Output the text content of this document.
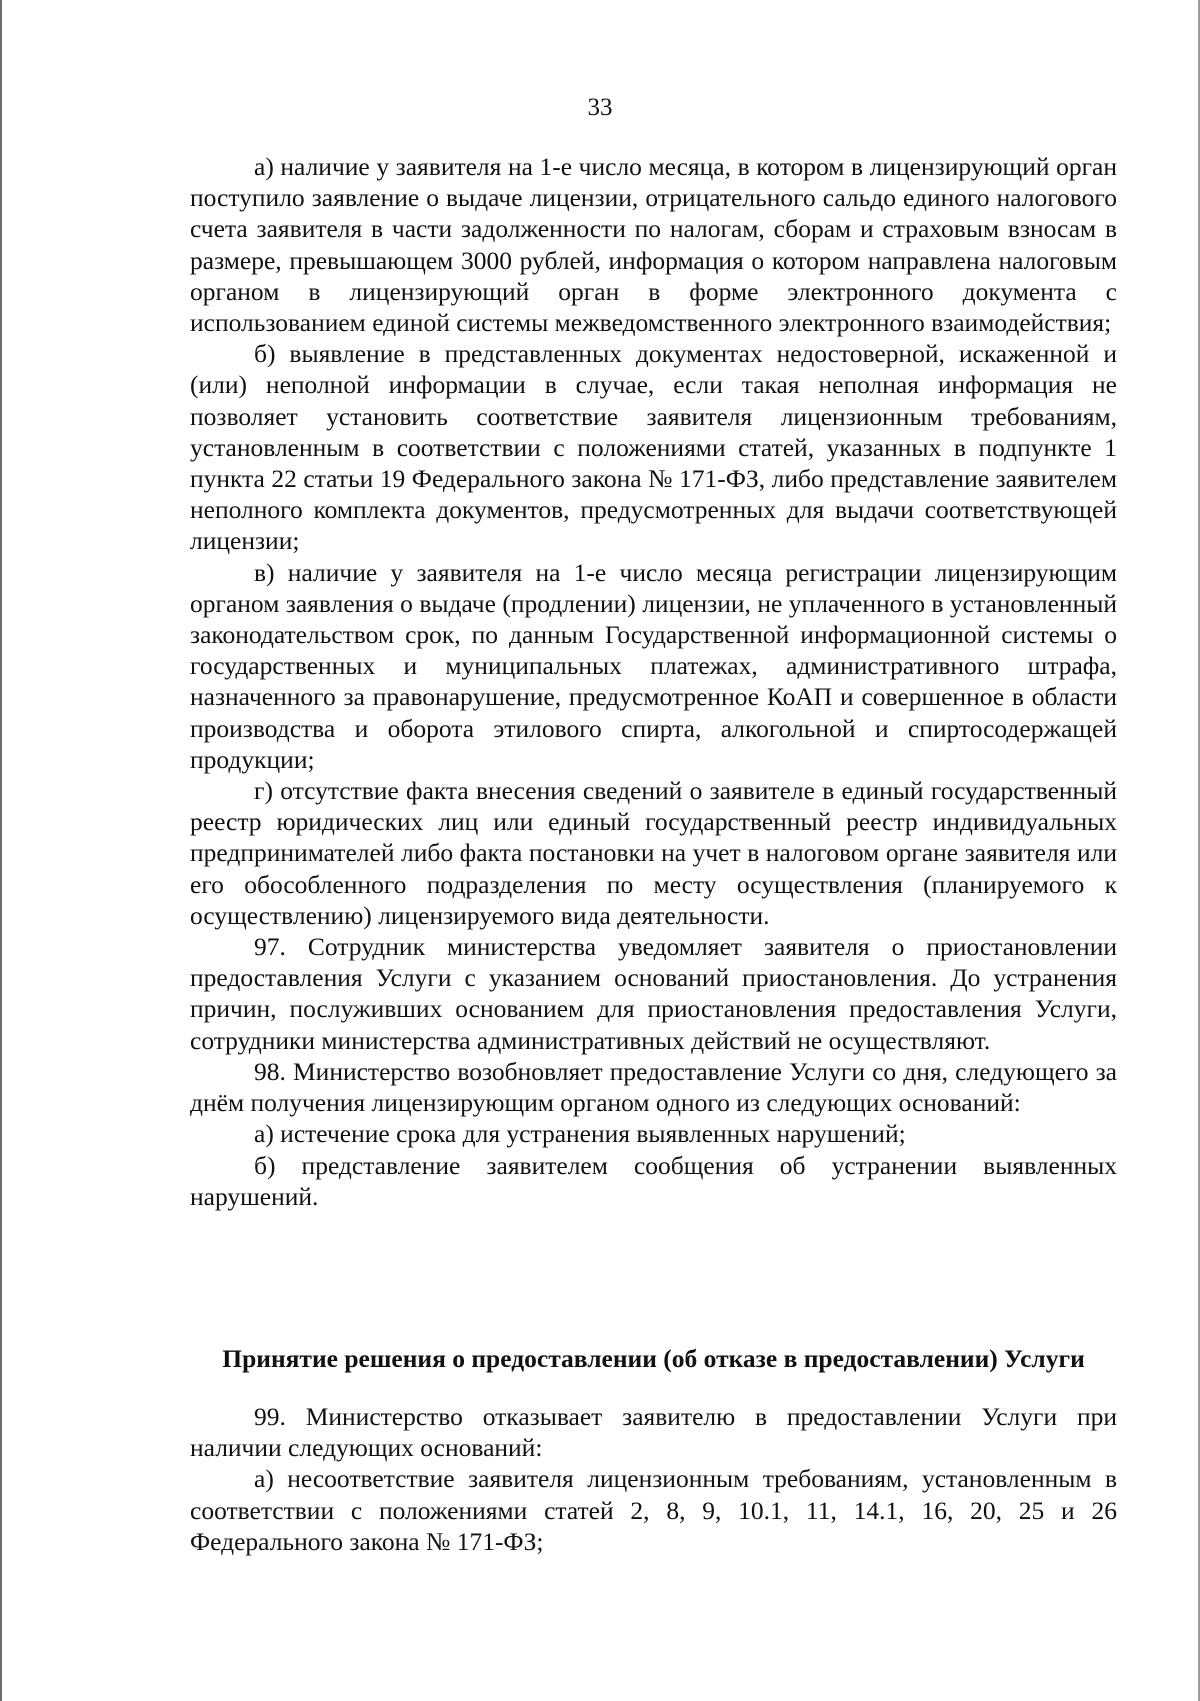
33

а) наличие у заявителя на 1-е число месяца, в котором в лицензирующий орган поступило заявление о выдаче лицензии, отрицательного сальдо единого налогового счета заявителя в части задолженности по налогам, сборам и страховым взносам в размере, превышающем 3000 рублей, информация о котором направлена налоговым органом в лицензирующий орган в форме электронного документа с использованием единой системы межведомственного электронного взаимодействия;

б) выявление в представленных документах недостоверной, искаженной и (или) неполной информации в случае, если такая неполная информация не позволяет установить соответствие заявителя лицензионным требованиям, установленным в соответствии с положениями статей, указанных в подпункте 1 пункта 22 статьи 19 Федерального закона № 171-ФЗ, либо представление заявителем неполного комплекта документов, предусмотренных для выдачи соответствующей лицензии;

в) наличие у заявителя на 1-е число месяца регистрации лицензирующим органом заявления о выдаче (продлении) лицензии, не уплаченного в установленный законодательством срок, по данным Государственной информационной системы о государственных и муниципальных платежах, административного штрафа, назначенного за правонарушение, предусмотренное КоАП и совершенное в области производства и оборота этилового спирта, алкогольной и спиртосодержащей продукции;

г) отсутствие факта внесения сведений о заявителе в единый государственный реестр юридических лиц или единый государственный реестр индивидуальных предпринимателей либо факта постановки на учет в налоговом органе заявителя или его обособленного подразделения по месту осуществления (планируемого к осуществлению) лицензируемого вида деятельности.

97. Сотрудник министерства уведомляет заявителя о приостановлении предоставления Услуги с указанием оснований приостановления. До устранения причин, послуживших основанием для приостановления предоставления Услуги, сотрудники министерства административных действий не осуществляют.

98. Министерство возобновляет предоставление Услуги со дня, следующего за днём получения лицензирующим органом одного из следующих оснований:

а) истечение срока для устранения выявленных нарушений;

б) представление заявителем сообщения об устранении выявленных нарушений.

Принятие решения о предоставлении (об отказе в предоставлении) Услуги

99. Министерство отказывает заявителю в предоставлении Услуги при наличии следующих оснований:

а) несоответствие заявителя лицензионным требованиям, установленным в соответствии с положениями статей 2, 8, 9, 10.1, 11, 14.1, 16, 20, 25 и 26 Федерального закона № 171-ФЗ;
